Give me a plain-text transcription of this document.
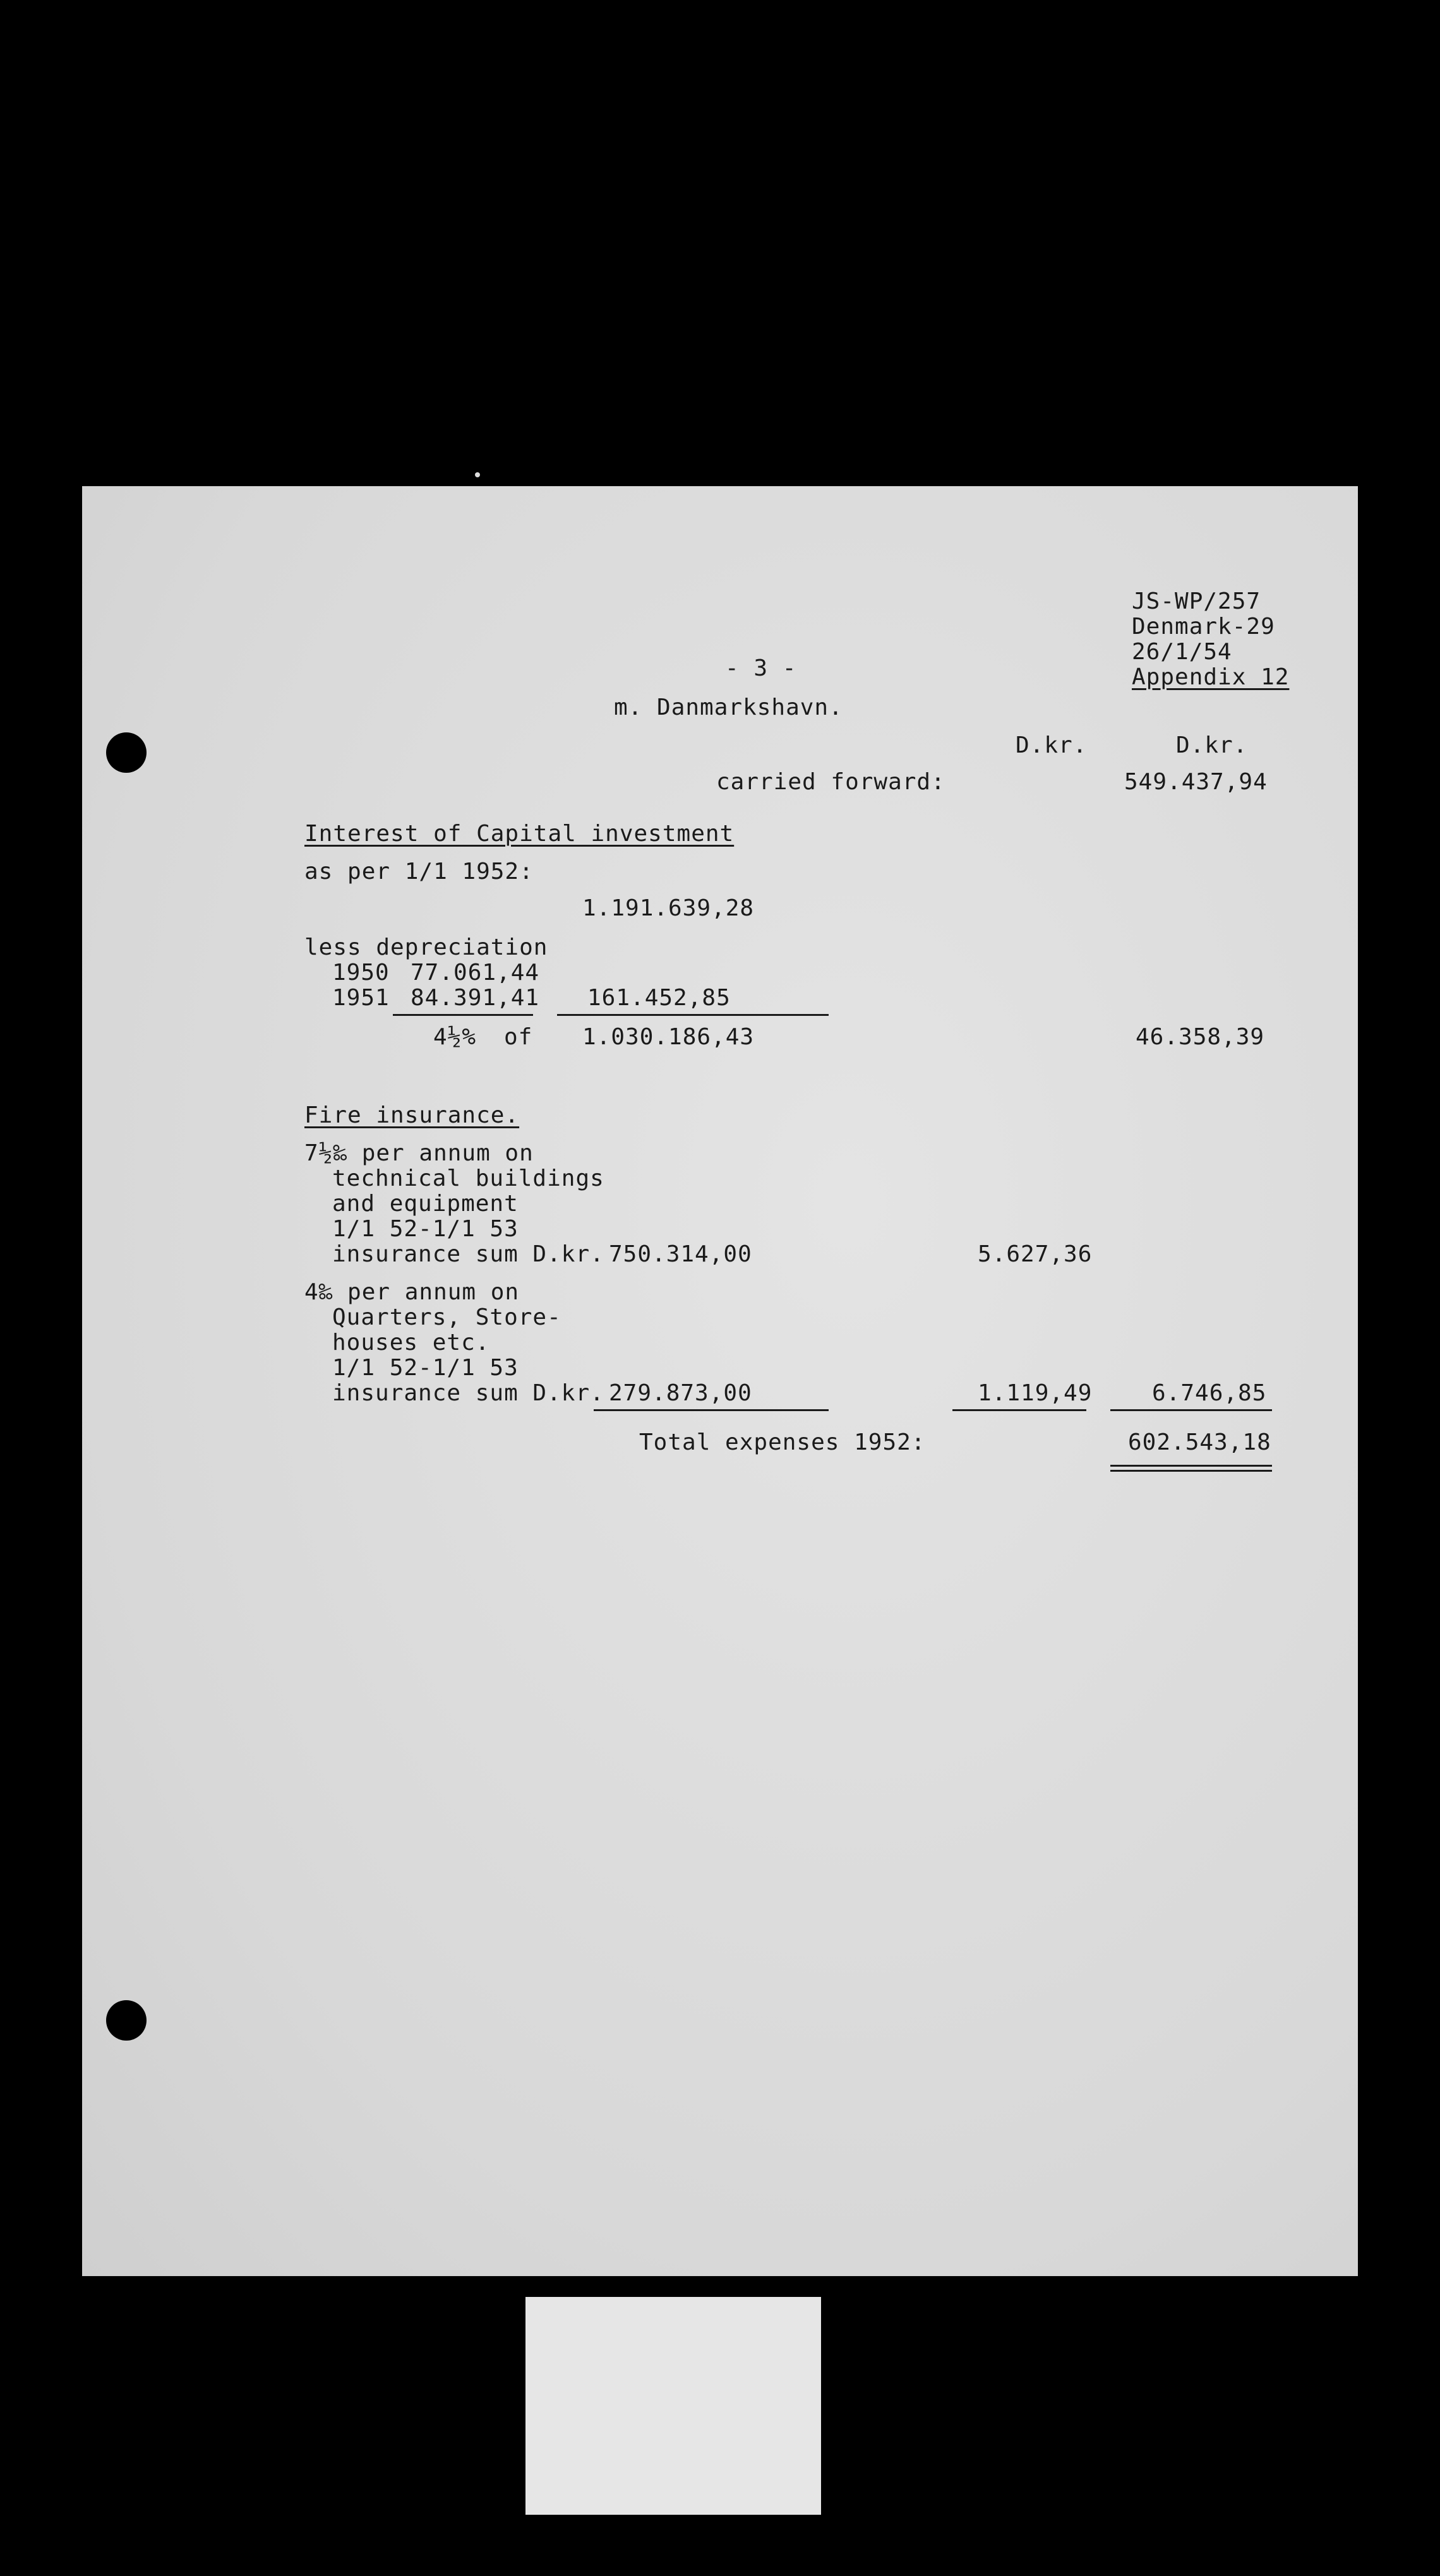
JS-WP/257
Denmark-29
26/1/54
Appendix 12
- 3 -
m. Danmarkshavn.
D.kr.	D.kr.
carried forward:	549.437,94
Interest of Capital investment
as per 1/1 1952:
1.191.639,28
less depreciation
1950 77.061,44
1951 84.391,41 161.452,85
4½% of 1.030.186,43	46.358,39
Fire insurance.
7½‰ per annum on
technical buildings
and equipment
1/1 52-1/1 53
insurance sum D.kr. 750.314,00	5.627,36
4‰ per annum on
Quarters, Store-
houses etc.
1/1 52-1/1 53
insurance sum D.kr. 279.873,00	1.119,49	6.746,85
Total expenses 1952:	602.543,18
